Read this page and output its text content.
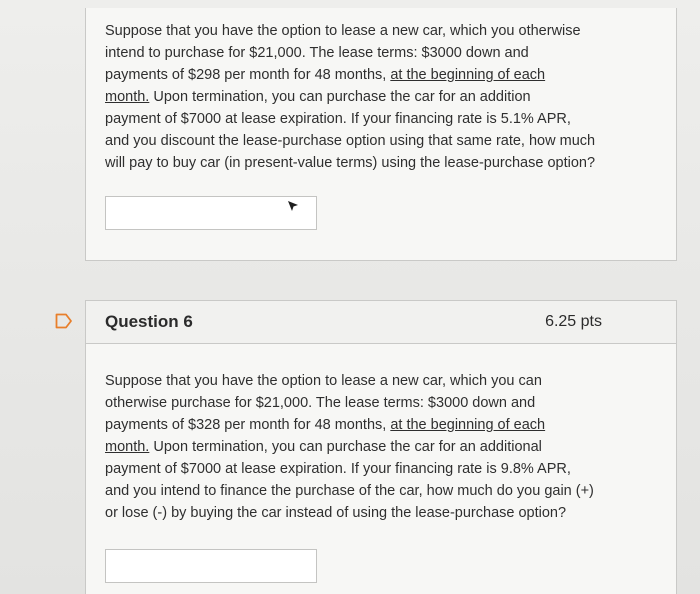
Suppose that you have the option to lease a new car, which you otherwise
intend to purchase for $21,000. The lease terms: $3000 down and
payments of $298 per month for 48 months, at the beginning of each
month. Upon termination, you can purchase the car for an addition
payment of $7000 at lease expiration. If your financing rate is 5.1% APR,
and you discount the lease-purchase option using that same rate, how much
will pay to buy car (in present-value terms) using the lease-purchase option?
Question 6	6.25 pts
Suppose that you have the option to lease a new car, which you can
otherwise purchase for $21,000. The lease terms: $3000 down and
payments of $328 per month for 48 months, at the beginning of each
month. Upon termination, you can purchase the car for an additional
payment of $7000 at lease expiration. If your financing rate is 9.8% APR,
and you intend to finance the purchase of the car, how much do you gain (+)
or lose (-) by buying the car instead of using the lease-purchase option?
